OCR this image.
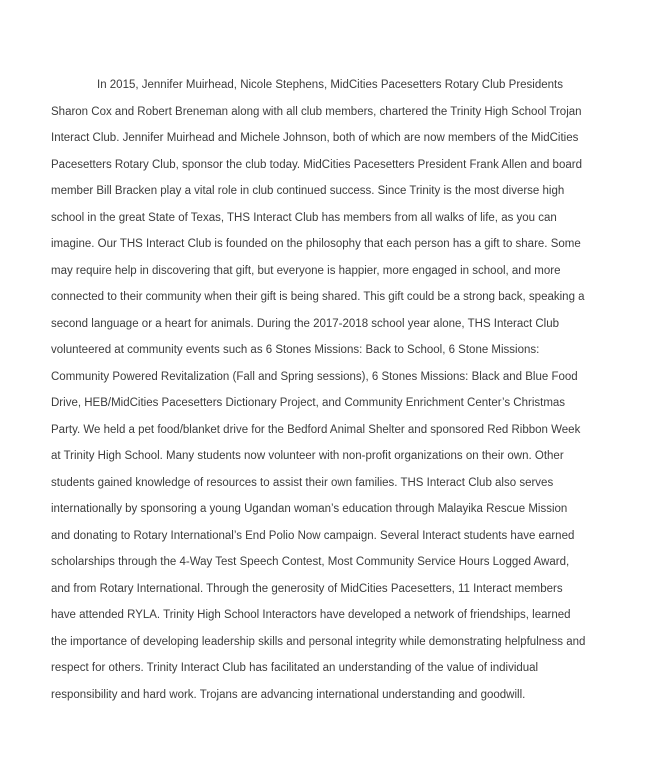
In 2015, Jennifer Muirhead, Nicole Stephens, MidCities Pacesetters Rotary Club Presidents
Sharon Cox and Robert Breneman along with all club members, chartered the Trinity High School Trojan
Interact Club. Jennifer Muirhead and Michele Johnson, both of which are now members of the MidCities
Pacesetters Rotary Club, sponsor the club today. MidCities Pacesetters President Frank Allen and board
member Bill Bracken play a vital role in club continued success. Since Trinity is the most diverse high
school in the great State of Texas, THS Interact Club has members from all walks of life, as you can
imagine. Our THS Interact Club is founded on the philosophy that each person has a gift to share. Some
may require help in discovering that gift, but everyone is happier, more engaged in school, and more
connected to their community when their gift is being shared. This gift could be a strong back, speaking a
second language or a heart for animals. During the 2017-2018 school year alone, THS Interact Club
volunteered at community events such as 6 Stones Missions: Back to School, 6 Stone Missions:
Community Powered Revitalization (Fall and Spring sessions), 6 Stones Missions: Black and Blue Food
Drive, HEB/MidCities Pacesetters Dictionary Project, and Community Enrichment Center’s Christmas
Party. We held a pet food/blanket drive for the Bedford Animal Shelter and sponsored Red Ribbon Week
at Trinity High School. Many students now volunteer with non-profit organizations on their own. Other
students gained knowledge of resources to assist their own families. THS Interact Club also serves
internationally by sponsoring a young Ugandan woman’s education through Malayika Rescue Mission
and donating to Rotary International’s End Polio Now campaign. Several Interact students have earned
scholarships through the 4-Way Test Speech Contest, Most Community Service Hours Logged Award,
and from Rotary International. Through the generosity of MidCities Pacesetters, 11 Interact members
have attended RYLA. Trinity High School Interactors have developed a network of friendships, learned
the importance of developing leadership skills and personal integrity while demonstrating helpfulness and
respect for others. Trinity Interact Club has facilitated an understanding of the value of individual
responsibility and hard work. Trojans are advancing international understanding and goodwill.
